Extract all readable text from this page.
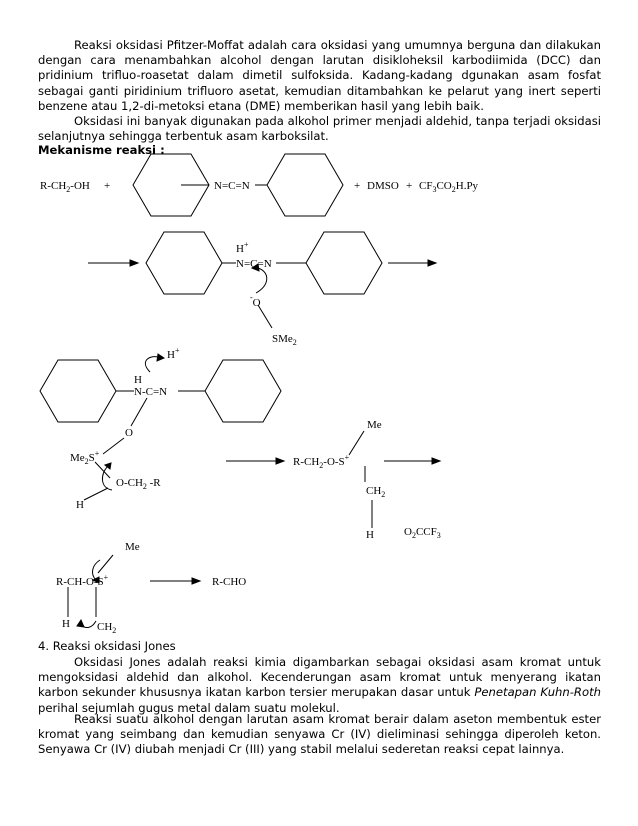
Reaksi oksidasi Pfitzer-Moffat adalah cara oksidasi yang umumnya berguna dan dilakukan dengan cara menambahkan alcohol dengan larutan disikloheksil karbodiimida (DCC) dan pridinium trifluo-roasetat dalam dimetil sulfoksida. Kadang-kadang dgunakan asam fosfat sebagai ganti piridinium trifluoro asetat, kemudian ditambahkan ke pelarut yang inert seperti benzene atau 1,2-di-metoksi etana (DME) memberikan hasil yang lebih baik.

Oksidasi ini banyak digunakan pada alkohol primer menjadi aldehid, tanpa terjadi oksidasi selanjutnya sehingga terbentuk asam karboksilat.

Mekanisme reaksi :
$R-CH_2-OH$ +	N=C=N	+ DMSO + $CF_3CO_2H.Py$
H+
N=C=N
-O
SMe$_2$
H+
H
N-C=N
O
$Me_2S^+$
$O-CH_2$ -R
H
Me
$R-CH_2-O-S^+$
$CH_2$
H	$O_2CCF_3$
Me
R-CH-O-S+
H $CH_2$
R-CHO
4. Reaksi oksidasi Jones

Oksidasi Jones adalah reaksi kimia digambarkan sebagai oksidasi asam kromat untuk mengoksidasi aldehid dan alkohol. Kecenderungan asam kromat untuk menyerang ikatan karbon sekunder khususnya ikatan karbon tersier merupakan dasar untuk Penetapan Kuhn-Roth perihal sejumlah gugus metal dalam suatu molekul.

Reaksi suatu alkohol dengan larutan asam kromat berair dalam aseton membentuk ester kromat yang seimbang dan kemudian senyawa Cr (IV) dieliminasi sehingga diperoleh keton. Senyawa Cr (IV) diubah menjadi Cr (III) yang stabil melalui sederetan reaksi cepat lainnya.
